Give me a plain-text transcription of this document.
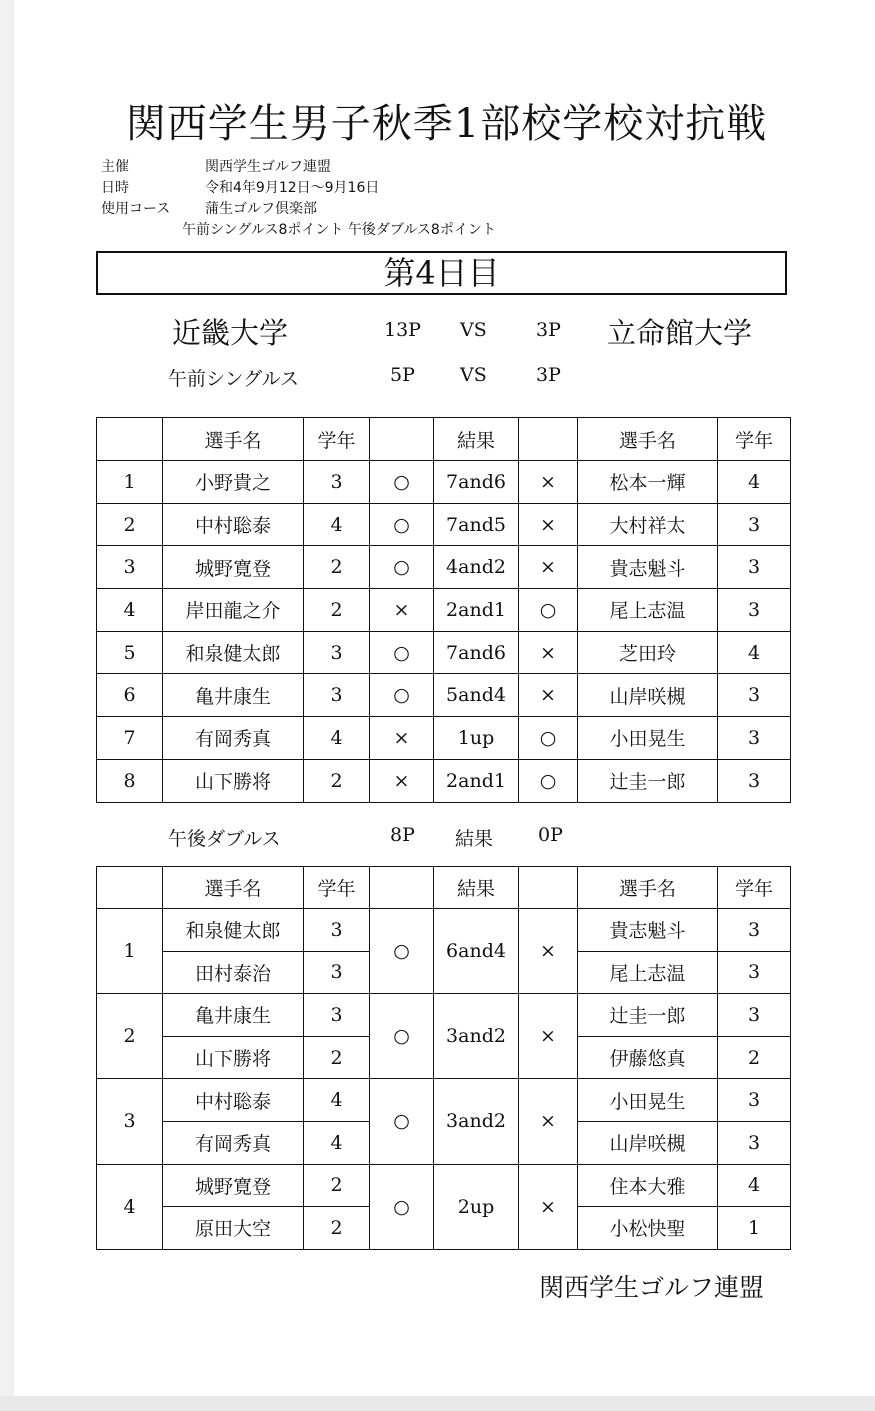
関西学生男子秋季1部校学校対抗戦
主催	関西学生ゴルフ連盟
日時	令和4年9月12日〜9月16日
使用コース 蒲生ゴルフ倶楽部
午前シングルス8ポイント 午後ダブルス8ポイント
第4日目
近畿大学	13P VS	3P 立命館大学
午前シングルス	5P VS	3P
	選手名	学年		結果		選手名	学年
1	小野貴之	3	○	7and6	×	松本一輝	4
2	中村聡泰	4	○	7and5	×	大村祥太	3
3	城野寛登	2	○	4and2	×	貴志魁斗	3
4	岸田龍之介	2	×	2and1	○	尾上志温	3
5	和泉健太郎	3	○	7and6	×	芝田玲	4
6	亀井康生	3	○	5and4	×	山岸咲槻	3
7	有岡秀真	4	×	1up	○	小田晃生	3
8	山下勝将	2	×	2and1	○	辻圭一郎	3
午後ダブルス	8P 結果 0P
	選手名	学年		結果		選手名	学年
1	和泉健太郎	3	○	6and4	×	貴志魁斗	3
	田村泰治	3				尾上志温	3
2	亀井康生	3	○	3and2	×	辻圭一郎	3
	山下勝将	2				伊藤悠真	2
3	中村聡泰	4	○	3and2	×	小田晃生	3
	有岡秀真	4				山岸咲槻	3
4	城野寛登	2	○	2up	×	住本大雅	4
	原田大空	2				小松快聖	1
関西学生ゴルフ連盟
